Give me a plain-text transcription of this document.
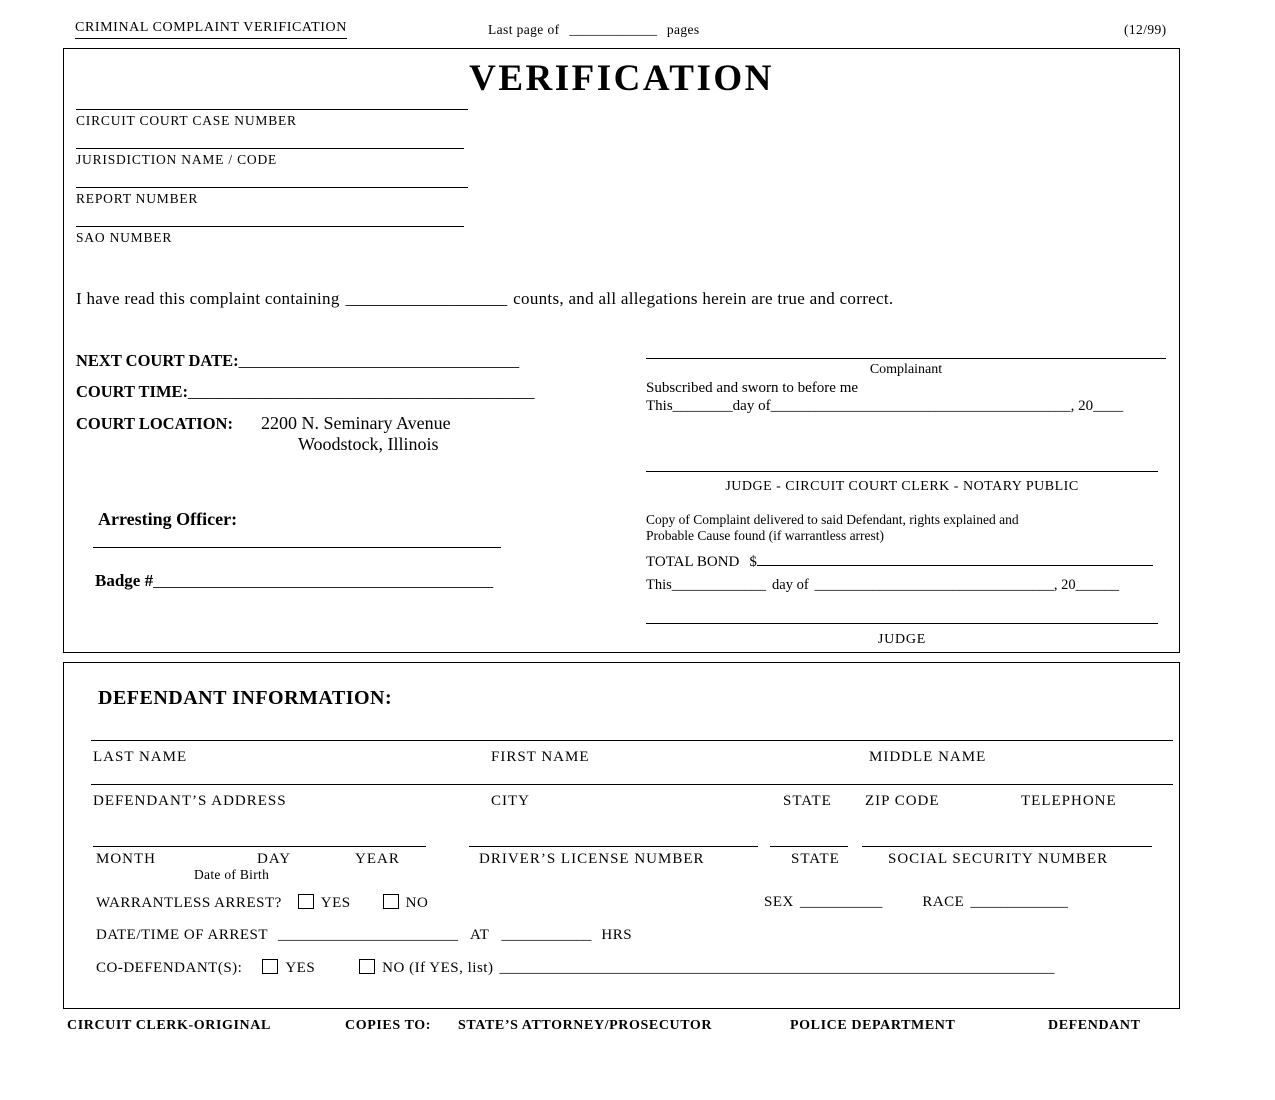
CRIMINAL COMPLAINT VERIFICATION	Last page of _____________ pages	(12/99)
VERIFICATION
CIRCUIT COURT CASE NUMBER
JURISDICTION NAME / CODE
REPORT NUMBER
SAO NUMBER
I have read this complaint containing ___________________ counts, and all allegations herein are true and correct.
NEXT COURT DATE:__________________________________
COURT TIME:__________________________________________
COURT LOCATION: 2200 N. Seminary Avenue
Woodstock, Illinois
Arresting Officer:
Badge #________________________________________
Complainant
Subscribed and sworn to before me
This________day of________________________________________, 20____
JUDGE - CIRCUIT COURT CLERK - NOTARY PUBLIC
Copy of Complaint delivered to said Defendant, rights explained and
Probable Cause found (if warrantless arrest)
TOTAL BOND $
This_____________ day of _________________________________, 20______
JUDGE
DEFENDANT INFORMATION:
LAST NAME	FIRST NAME	MIDDLE NAME
DEFENDANT’S ADDRESS	CITY	STATE ZIP CODE	TELEPHONE
MONTH	DAY	YEAR	DRIVER’S LICENSE NUMBER	STATE	SOCIAL SECURITY NUMBER
Date of Birth
WARRANTLESS ARREST?	YES	NO	SEX ___________	RACE _____________
DATE/TIME OF ARREST ________________________ AT ____________ HRS
CO-DEFENDANT(S):	YES	NO (If YES, list) __________________________________________________________________________
CIRCUIT CLERK-ORIGINAL	COPIES TO: STATE’S ATTORNEY/PROSECUTOR	POLICE DEPARTMENT	DEFENDANT
